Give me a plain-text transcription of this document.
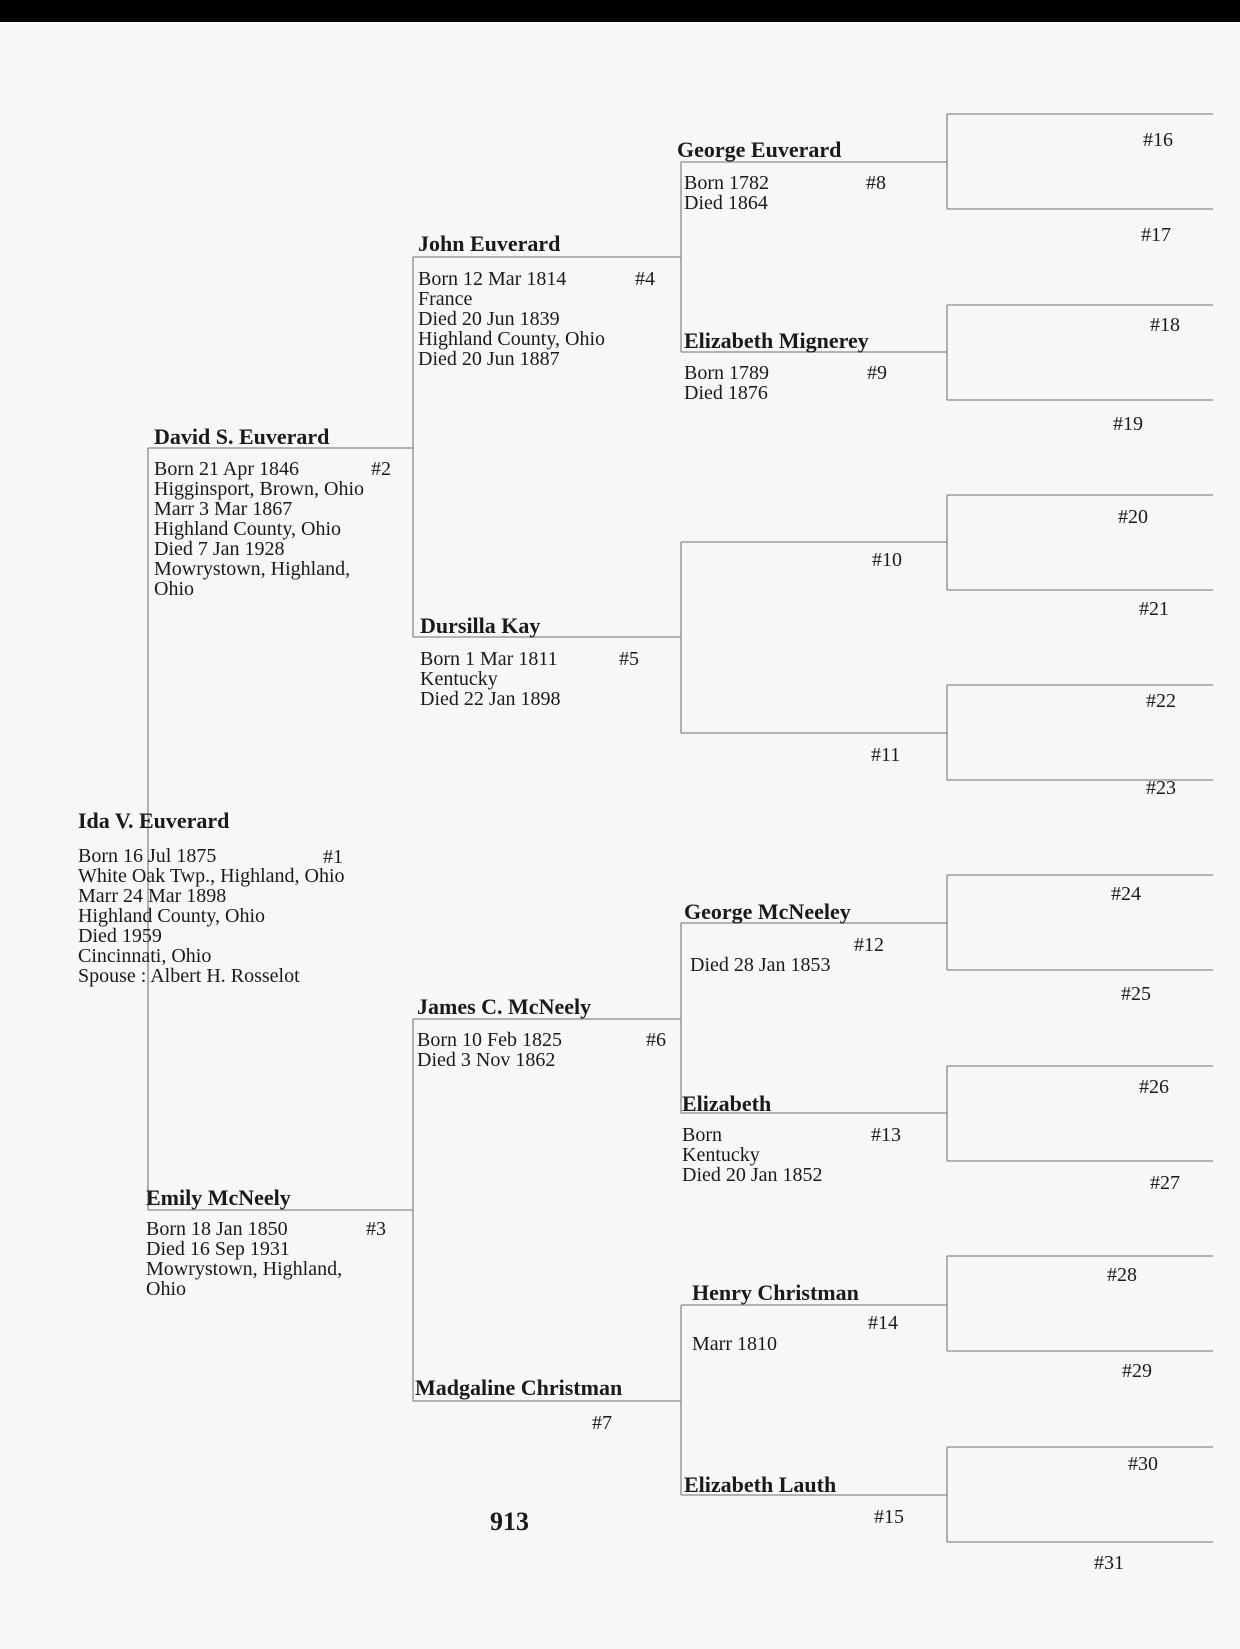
Ida V. Euverard
Born 16 Jul 1875
White Oak Twp., Highland, Ohio
Marr 24 Mar 1898
Highland County, Ohio
Died 1959
Cincinnati, Ohio
Spouse : Albert H. Rosselot
#1
David S. Euverard
Born 21 Apr 1846
Higginsport, Brown, Ohio
Marr 3 Mar 1867
Highland County, Ohio
Died 7 Jan 1928
Mowrystown, Highland,
Ohio
#2
Emily McNeely
Born 18 Jan 1850
Died 16 Sep 1931
Mowrystown, Highland,
Ohio
#3
John Euverard
Born 12 Mar 1814
France
Died 20 Jun 1839
Highland County, Ohio
Died 20 Jun 1887
#4
Dursilla Kay
Born 1 Mar 1811
Kentucky
Died 22 Jan 1898
#5
James C. McNeely
Born 10 Feb 1825
Died 3 Nov 1862
#6
Madgaline Christman
#7
George Euverard
Born 1782
Died 1864
#8
Elizabeth Mignerey
Born 1789
Died 1876
#9
#10
#11
George McNeeley
#12
Died 28 Jan 1853
Elizabeth
Born
Kentucky
Died 20 Jan 1852
#13
Henry Christman
#14
Marr 1810
Elizabeth Lauth
#15
#16
#17
#18
#19
#20
#21
#22
#23
#24
#25
#26
#27
#28
#29
#30
#31
913
